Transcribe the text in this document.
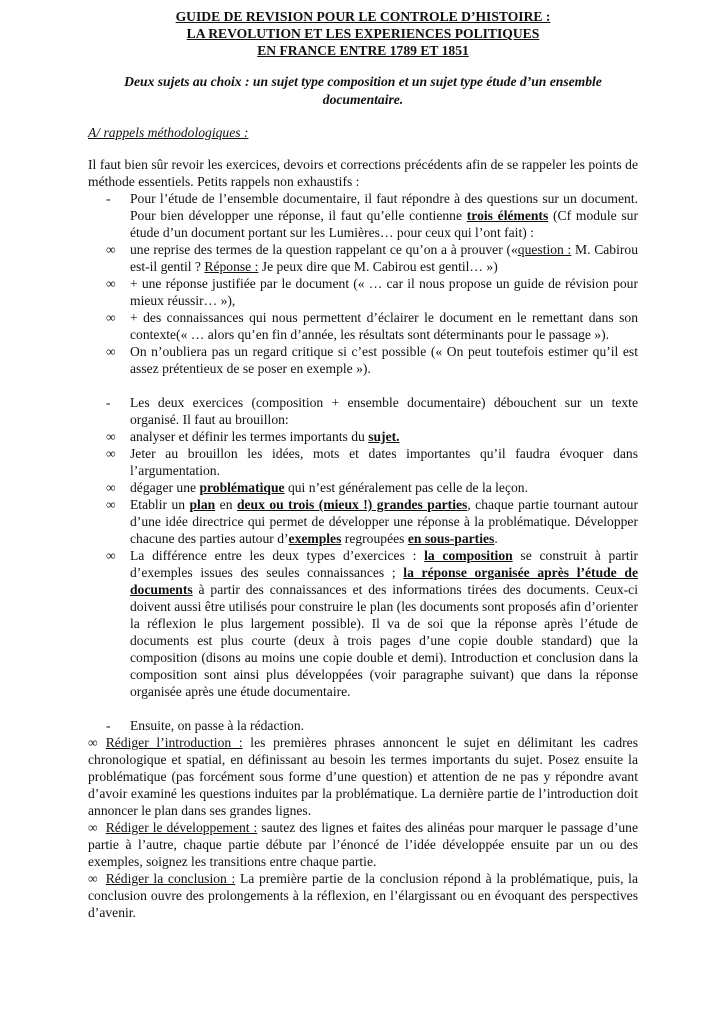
GUIDE DE REVISION POUR LE CONTROLE D’HISTOIRE :
LA REVOLUTION ET LES EXPERIENCES POLITIQUES
EN FRANCE ENTRE 1789 ET 1851
Deux sujets au choix : un sujet type composition et un sujet type étude d’un ensemble documentaire.
A/ rappels méthodologiques :

Il faut bien sûr revoir les exercices, devoirs et corrections précédents afin de se rappeler les points de méthode essentiels. Petits rappels non exhaustifs :

- Pour l’étude de l’ensemble documentaire, il faut répondre à des questions sur un document. Pour bien développer une réponse, il faut qu’elle contienne trois éléments (Cf module sur étude d’un document portant sur les Lumières… pour ceux qui l’ont fait) :
∞ une reprise des termes de la question rappelant ce qu’on a à prouver («question : M. Cabirou est-il gentil ? Réponse : Je peux dire que M. Cabirou est gentil… »)
∞ + une réponse justifiée par le document (« … car il nous propose un guide de révision pour mieux réussir… »),
∞ + des connaissances qui nous permettent d’éclairer le document en le remettant dans son contexte(« … alors qu’en fin d’année, les résultats sont déterminants pour le passage »).
∞ On n’oubliera pas un regard critique si c’est possible (« On peut toutefois estimer qu’il est assez prétentieux de se poser en exemple »).
- Les deux exercices (composition + ensemble documentaire) débouchent sur un texte organisé. Il faut au brouillon:
∞ analyser et définir les termes importants du sujet.
∞ Jeter au brouillon les idées, mots et dates importantes qu’il faudra évoquer dans l’argumentation.
∞ dégager une problématique qui n’est généralement pas celle de la leçon.
∞ Etablir un plan en deux ou trois (mieux !) grandes parties, chaque partie tournant autour d’une idée directrice qui permet de développer une réponse à la problématique. Développer chacune des parties autour d’exemples regroupées en sous-parties.
∞ La différence entre les deux types d’exercices : la composition se construit à partir d’exemples issues des seules connaissances ; la réponse organisée après l’étude de documents à partir des connaissances et des informations tirées des documents. Ceux-ci doivent aussi être utilisés pour construire le plan (les documents sont proposés afin d’orienter la réflexion le plus largement possible). Il va de soi que la réponse après l’étude de documents est plus courte (deux à trois pages d’une copie double standard) que la composition (disons au moins une copie double et demi). Introduction et conclusion dans la composition sont ainsi plus développées (voir paragraphe suivant) que dans la réponse organisée après une étude documentaire.
- Ensuite, on passe à la rédaction.
∞ Rédiger l’introduction : les premières phrases annoncent le sujet en délimitant les cadres chronologique et spatial, en définissant au besoin les termes importants du sujet. Posez ensuite la problématique (pas forcément sous forme d’une question) et attention de ne pas y répondre avant d’avoir examiné les questions induites par la problématique. La dernière partie de l’introduction doit annoncer le plan dans ses grandes lignes.
∞ Rédiger le développement : sautez des lignes et faites des alinéas pour marquer le passage d’une partie à l’autre, chaque partie débute par l’énoncé de l’idée développée ensuite par un ou des exemples, soignez les transitions entre chaque partie.
∞ Rédiger la conclusion : La première partie de la conclusion répond à la problématique, puis, la conclusion ouvre des prolongements à la réflexion, en l’élargissant ou en évoquant des perspectives d’avenir.
